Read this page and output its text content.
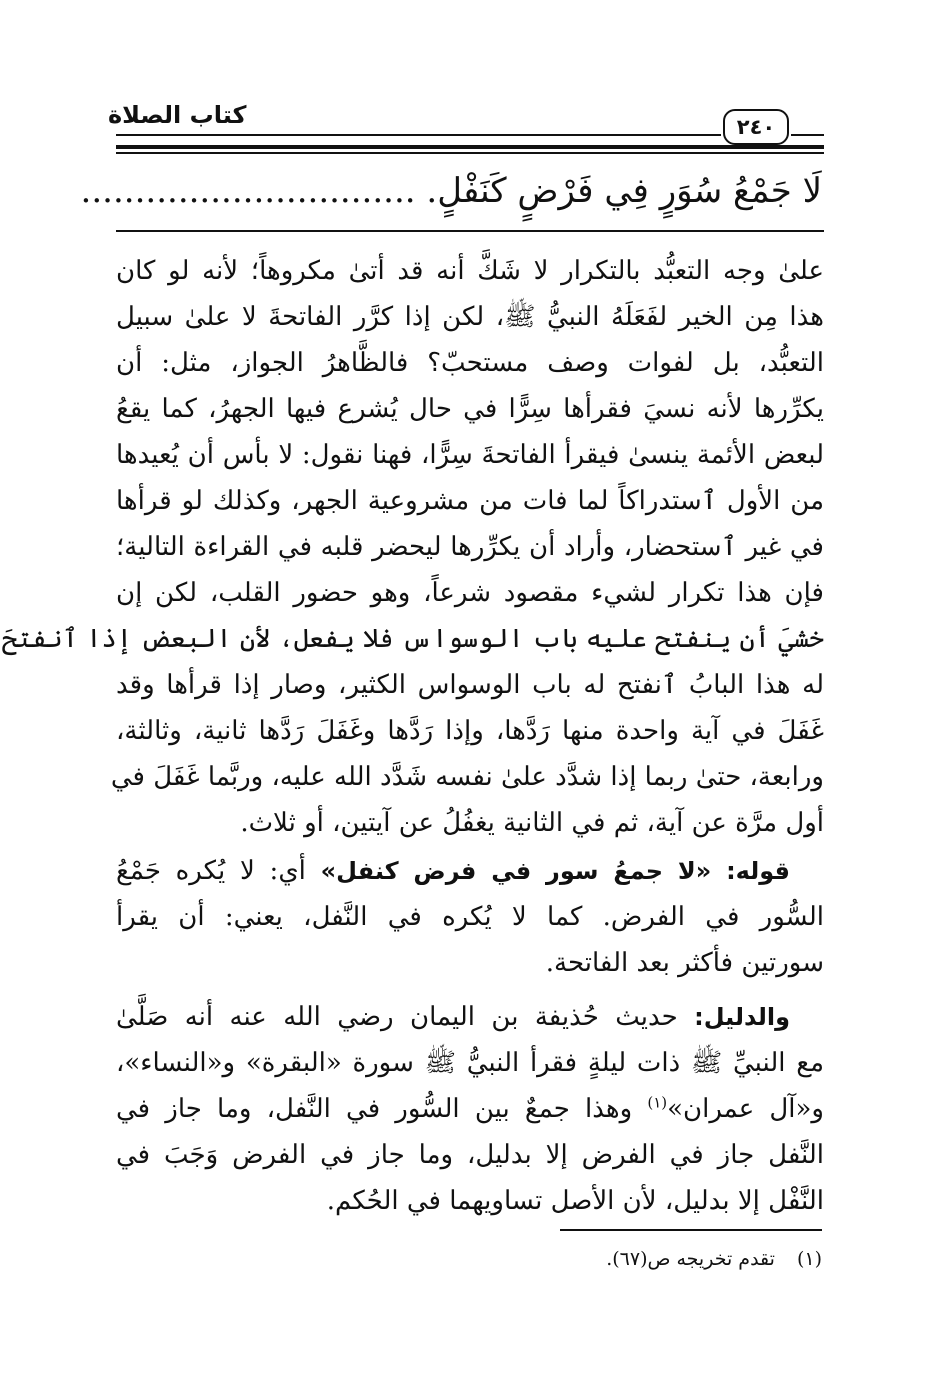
كتاب الصلاة	٢٤٠
لَا جَمْعُ سُوَرٍ فِي فَرْضٍ كَنَفْلٍ. ...............................
علىٰ وجه التعبُّد بالتكرار لا شَكَّ أنه قد أتىٰ مكروهاً؛ لأنه لو كان
هذا مِن الخير لفَعَلَهُ النبيُّ ﷺ، لكن إذا كرَّر الفاتحةَ لا علىٰ سبيل
التعبُّد، بل لفوات وصف مستحبّ؟ فالظَّاهرُ الجواز، مثل: أن
يكرِّرها لأنه نسيَ فقرأها سِرًّا في حال يُشرع فيها الجهرُ، كما يقعُ
لبعض الأئمة ينسىٰ فيقرأ الفاتحةَ سِرًّا، فهنا نقول: لا بأس أن يُعيدها
من الأول ٱستدراكاً لما فات من مشروعية الجهر، وكذلك لو قرأها
في غير ٱستحضار، وأراد أن يكرِّرها ليحضر قلبه في القراءة التالية؛
فإن هذا تكرار لشيء مقصود شرعاً، وهو حضور القلب، لكن إن
خشيَ أن ينفتح عليه باب الوسواس فلا يفعل، لأن البعض إذا ٱنفتحَ
له هذا البابُ ٱنفتح له باب الوسواس الكثير، وصار إذا قرأها وقد
غَفَلَ في آية واحدة منها رَدَّها، وإذا رَدَّها وغَفَلَ رَدَّها ثانية، وثالثة،
ورابعة، حتىٰ ربما إذا شدَّد علىٰ نفسه شَدَّد الله عليه، وربَّما غَفَلَ في
أول مرَّة عن آية، ثم في الثانية يغفُلُ عن آيتين، أو ثلاث.
قوله: «لا جمعُ سور في فرض كنفل» أي: لا يُكره جَمْعُ
السُّور في الفرض. كما لا يُكره في النَّفل، يعني: أن يقرأ
سورتين فأكثر بعد الفاتحة.
والدليل: حديث حُذيفة بن اليمان رضي الله عنه أنه صَلَّىٰ
مع النبيِّ ﷺ ذات ليلةٍ فقرأ النبيُّ ﷺ سورة «البقرة» و«النساء»،
و«آل عمران»$^{(١)}$ وهذا جمعٌ بين السُّور في النَّفل، وما جاز في
النَّفل جاز في الفرض إلا بدليل، وما جاز في الفرض وَجَبَ في
النَّفْل إلا بدليل، لأن الأصل تساويهما في الحُكم.
(١)تقدم تخريجه ص(٦٧).
